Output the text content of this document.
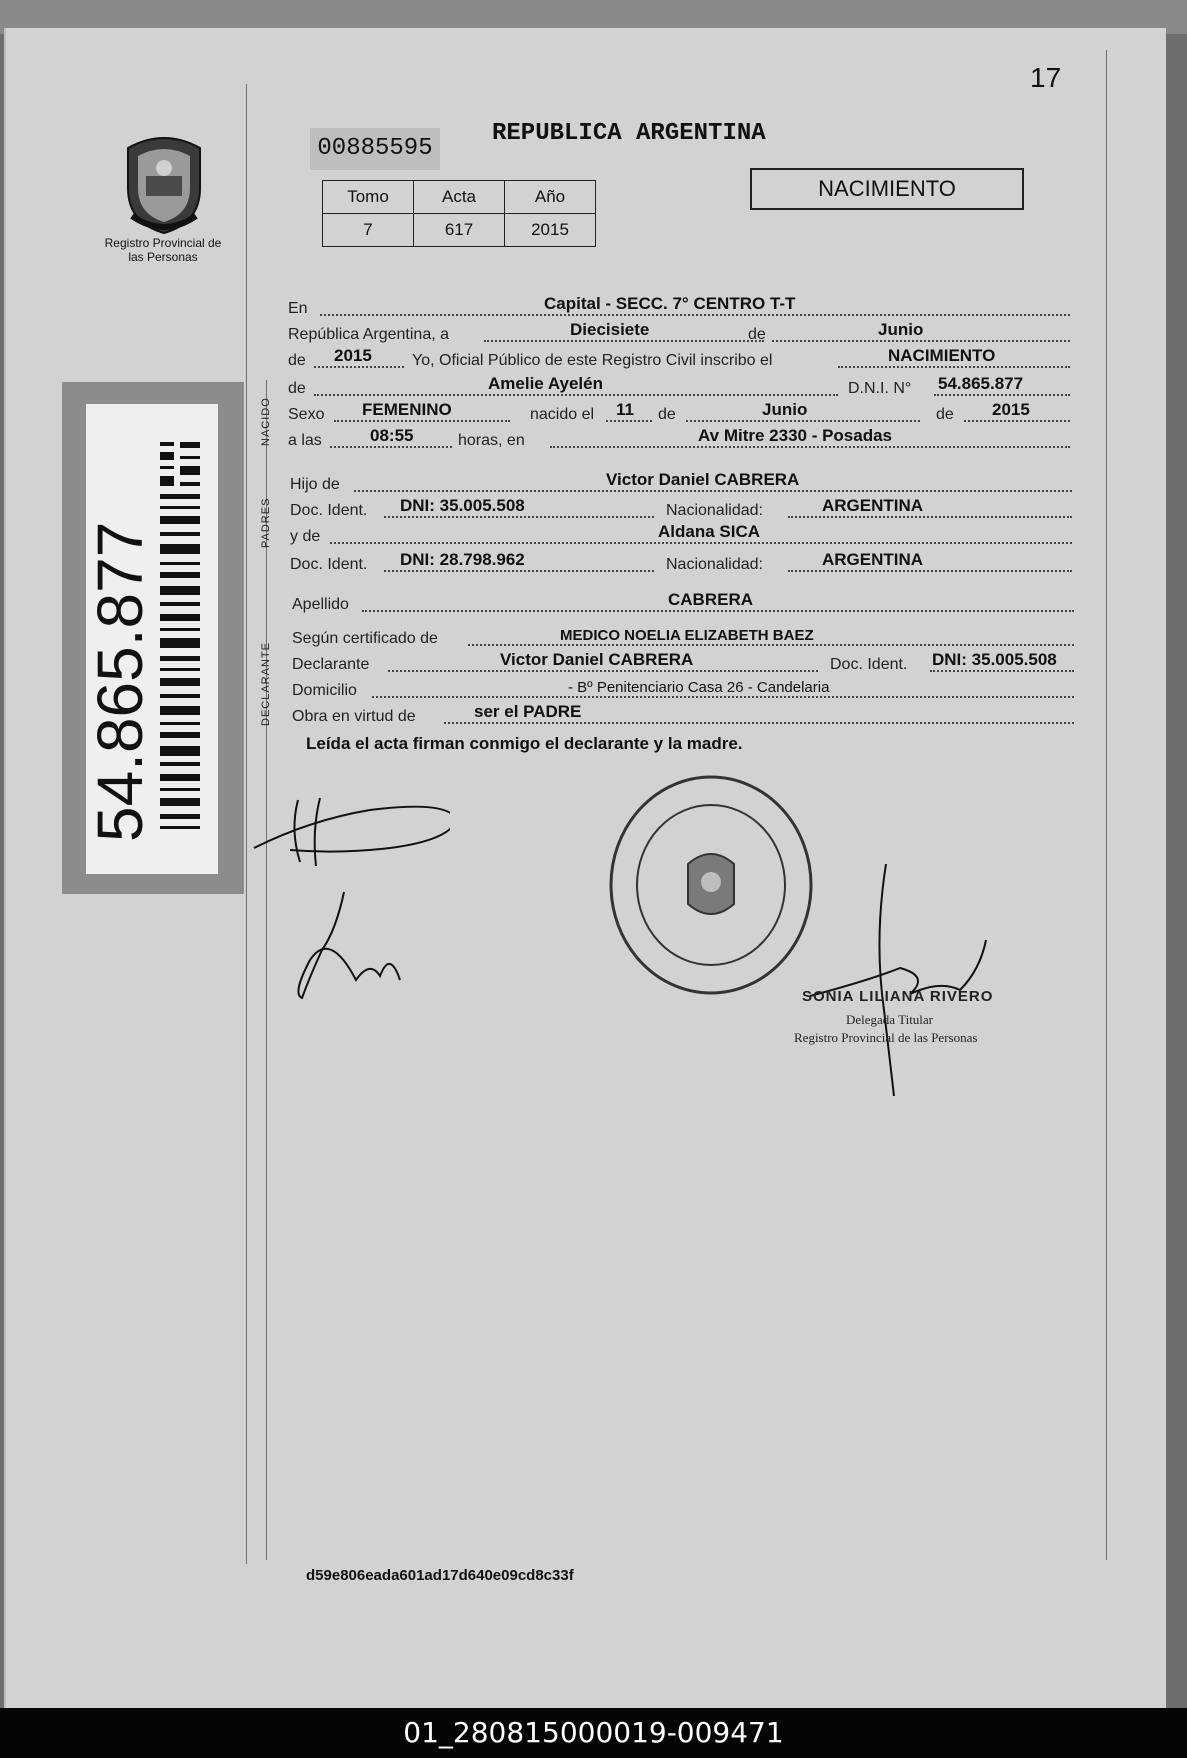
17
Registro Provincial de las Personas
00885595
REPUBLICA ARGENTINA
Tomo	Acta	Año
7	617	2015
NACIMIENTO
54.865.877
NACIDO
PADRES
DECLARANTE
En	Capital - SECC. 7° CENTRO T-T
República Argentina, a	Diecisiete	de	Junio
de 2015	Yo, Oficial Público de este Registro Civil inscribo el	NACIMIENTO
de	Amelie Ayelén	D.N.I. N° 54.865.877
Sexo FEMENINO	nacido el 11 de	Junio	de 2015
a las	08:55	horas, en	Av Mitre 2330 - Posadas
Hijo de	Victor Daniel CABRERA
Doc. Ident. DNI: 35.005.508	Nacionalidad:	ARGENTINA
y de	Aldana SICA
Doc. Ident. DNI: 28.798.962	Nacionalidad:	ARGENTINA
Apellido	CABRERA
Según certificado de	MEDICO NOELIA ELIZABETH BAEZ
Declarante	Victor Daniel CABRERA	Doc. Ident. DNI: 35.005.508
Domicilio	- Bº Penitenciario Casa 26 - Candelaria
Obra en virtud de	ser el PADRE
Leída el acta firman conmigo el declarante y la madre.
SONIA LILIANA RIVERO
Delegada Titular
Registro Provincial de las Personas
d59e806eada601ad17d640e09cd8c33f
01_280815000019-009471
